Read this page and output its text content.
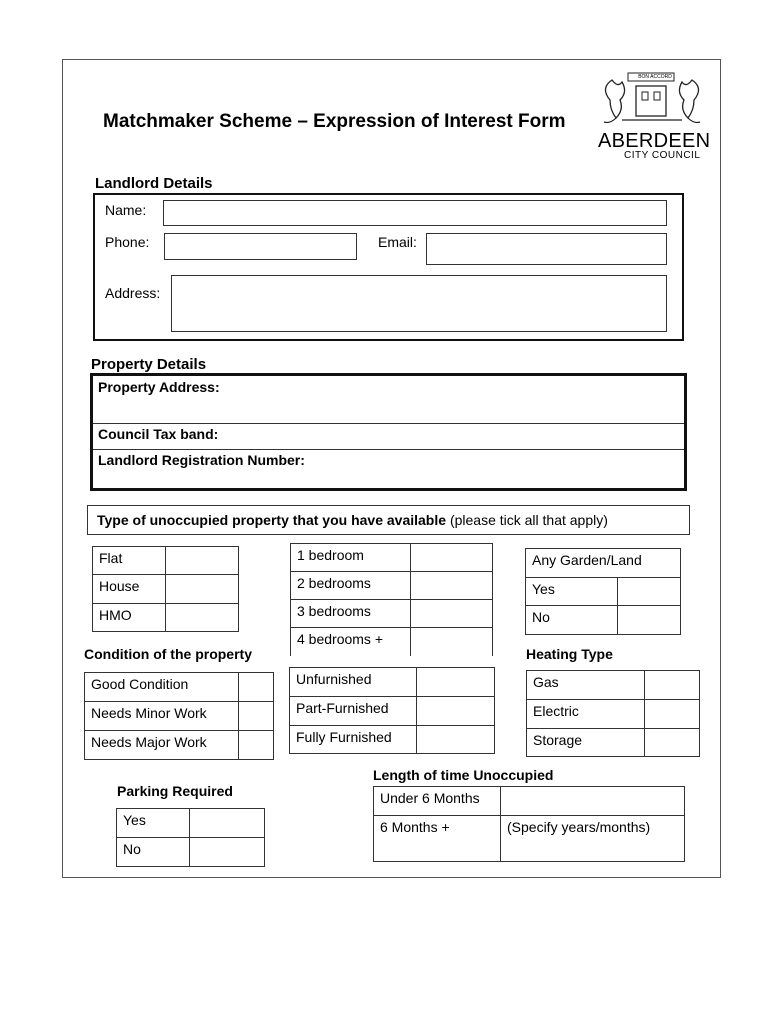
Matchmaker Scheme – Expression of Interest Form
BON ACCORD
ABERDEEN
CITY COUNCIL
Landlord Details
Name:
Phone:	Email:
Address:
Property Details
Property Address:
Council Tax band:
Landlord Registration Number:
Type of unoccupied property that you have available (please tick all that apply)
Flat	
House	
HMO	
1 bedroom	
2 bedrooms	
3 bedrooms	
4 bedrooms +	
Any Garden/Land	
Yes	
No	
Condition of the property
Good Condition	
Needs Minor Work	
Needs Major Work	
Unfurnished	
Part-Furnished	
Fully Furnished	
Heating Type
Gas	
Electric	
Storage	
Length of time Unoccupied
Under 6 Months	
6 Months +	(Specify years/months)
Parking Required
Yes	
No	
